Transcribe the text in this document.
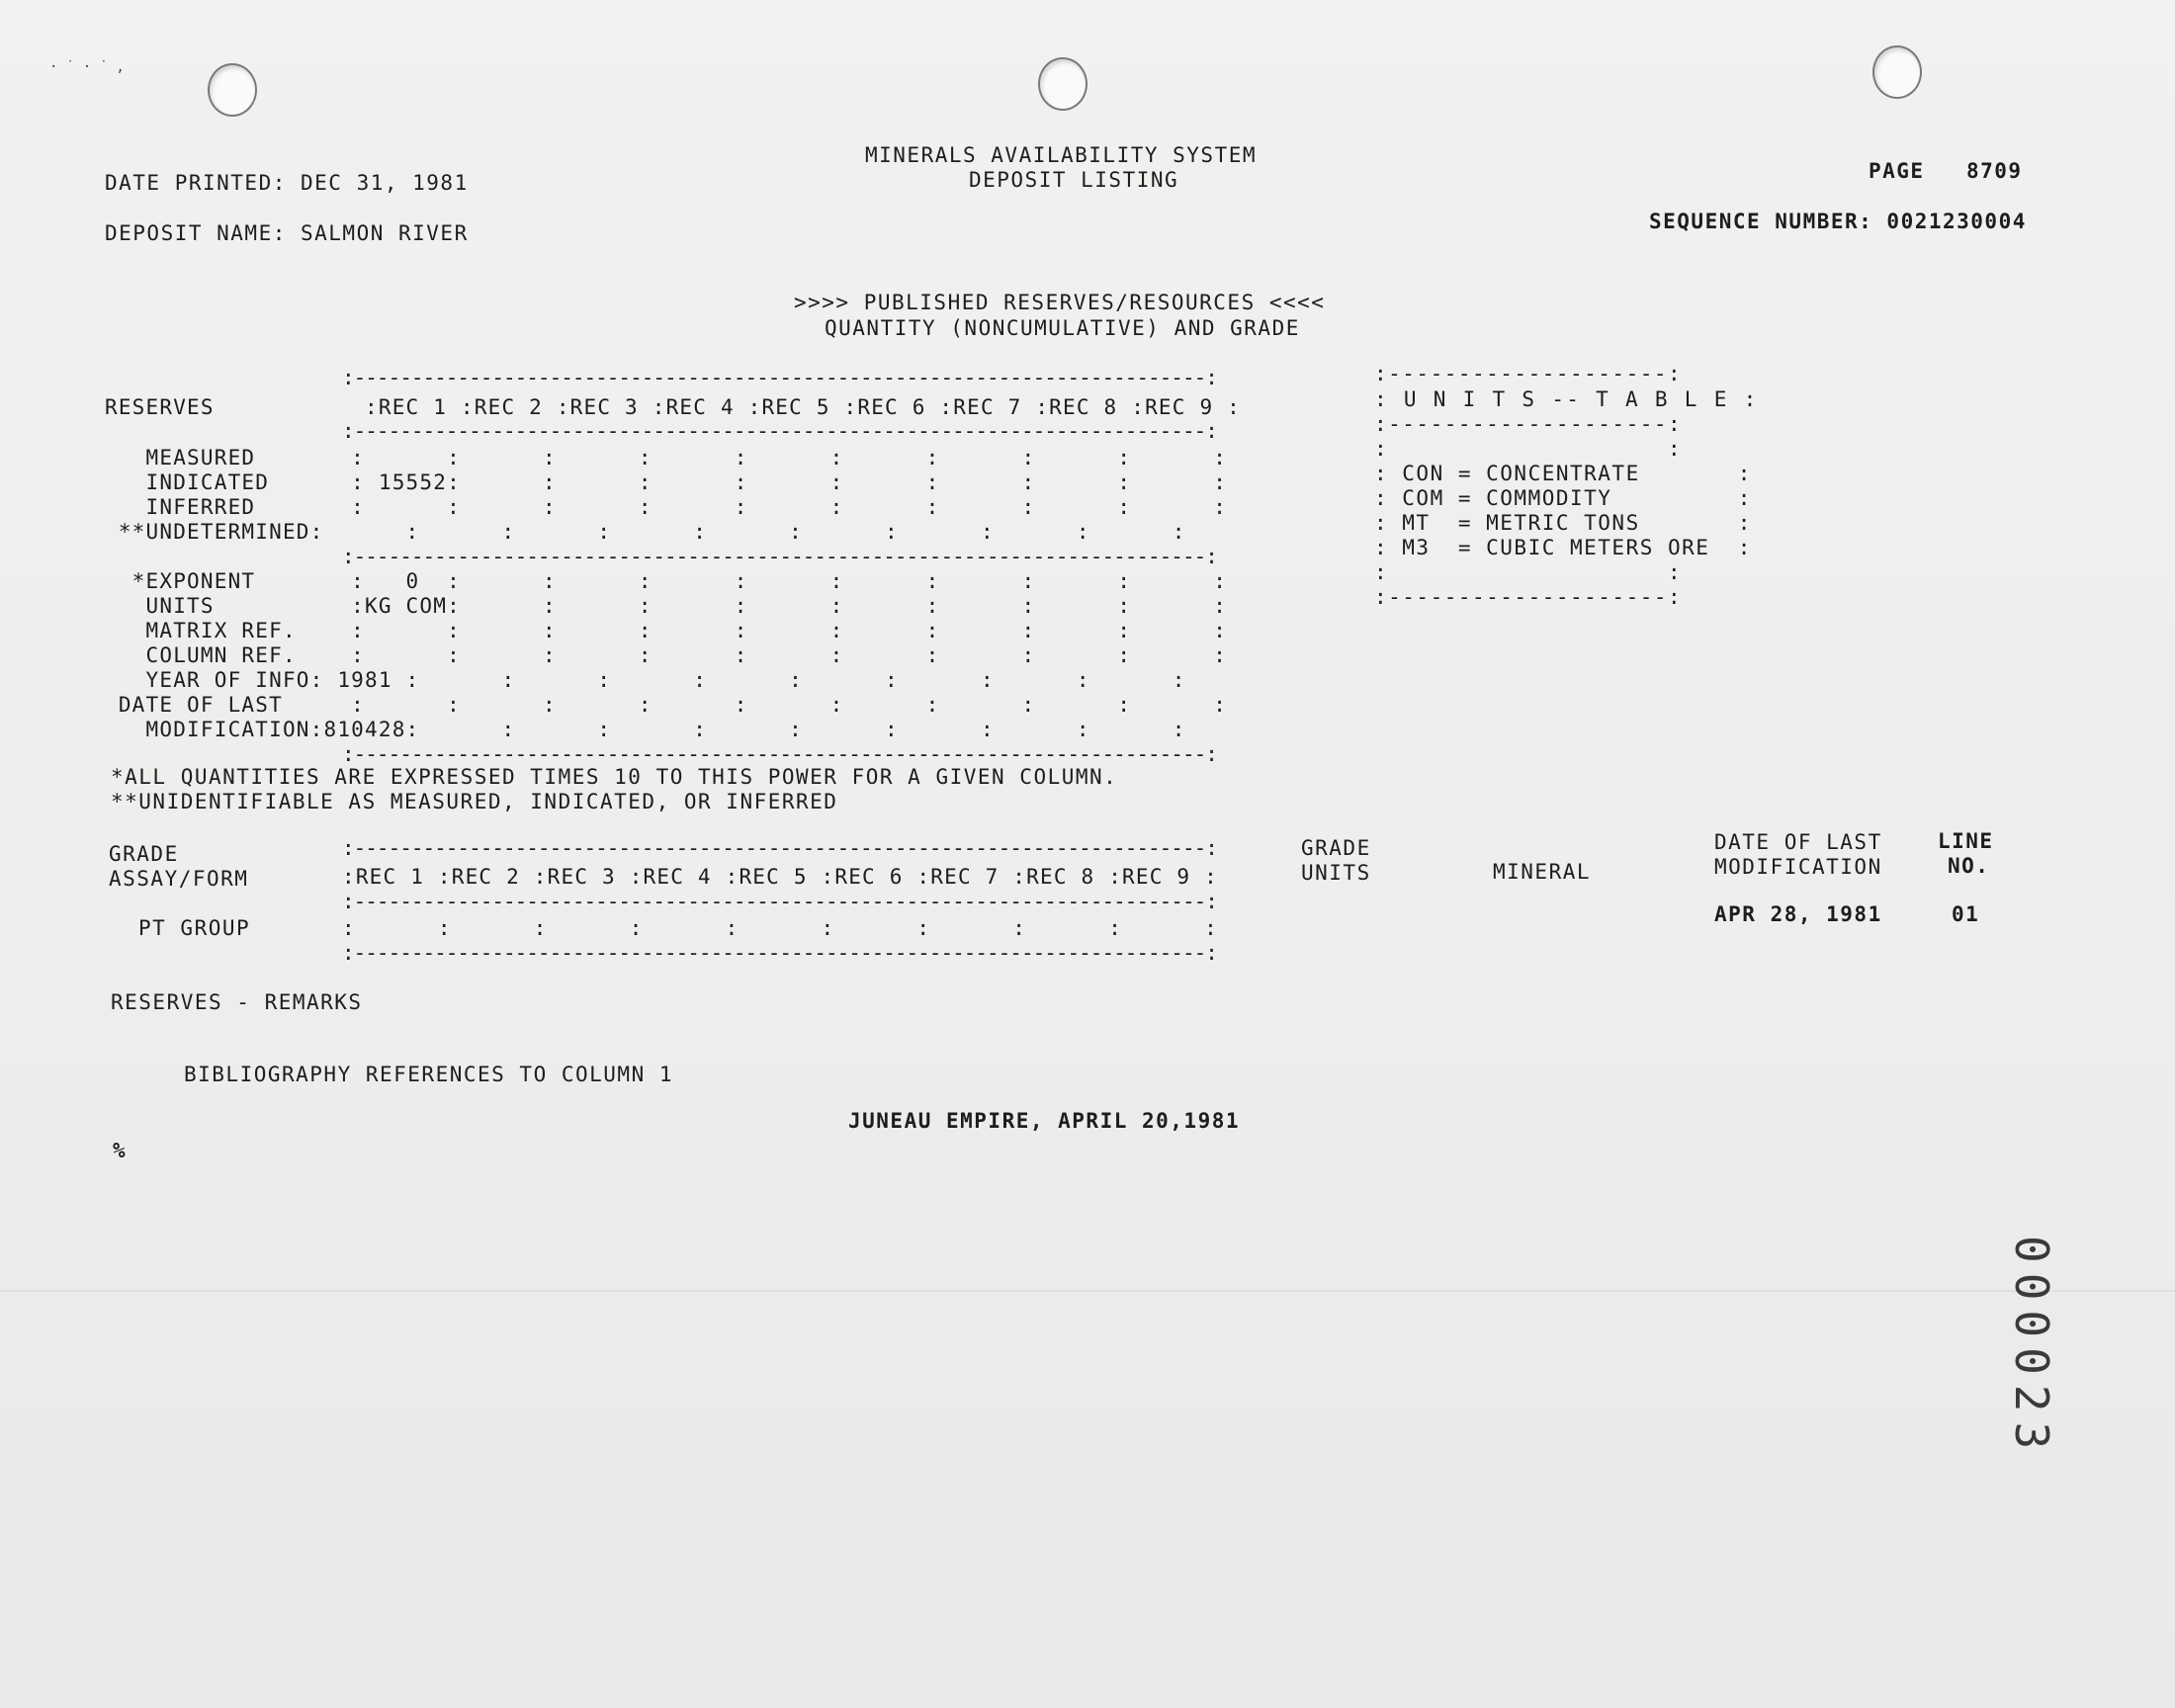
· ˙ · ˙ ,
MINERALS AVAILABILITY SYSTEM
DEPOSIT LISTING
DATE PRINTED: DEC 31, 1981	PAGE   8709
DEPOSIT NAME: SALMON RIVER	SEQUENCE NUMBER: 0021230004
>>>> PUBLISHED RESERVES/RESOURCES <<<<
QUANTITY (NONCUMULATIVE) AND GRADE
:--------------------------------------------------------------------------:
RESERVES           :REC 1 :REC 2 :REC 3 :REC 4 :REC 5 :REC 6 :REC 7 :REC 8 :REC 9 :
:--------------------------------------------------------------------------:
MEASURED       :      :      :      :      :      :      :      :      :      :
INDICATED      : 15552:      :      :      :      :      :      :      :      :
INFERRED       :      :      :      :      :      :      :      :      :      :
**UNDETERMINED:      :      :      :      :      :      :      :      :      :
:--------------------------------------------------------------------------:
*EXPONENT       :   0  :      :      :      :      :      :      :      :      :
UNITS          :KG COM:      :      :      :      :      :      :      :      :
MATRIX REF.    :      :      :      :      :      :      :      :      :      :
COLUMN REF.    :      :      :      :      :      :      :      :      :      :
YEAR OF INFO: 1981 :      :      :      :      :      :      :      :      :
DATE OF LAST     :      :      :      :      :      :      :      :      :      :
MODIFICATION:810428:      :      :      :      :      :      :      :      :
:--------------------------------------------------------------------------:
:--------------------:
: U N I T S -- T A B L E :
:--------------------:
:                    :
: CON = CONCENTRATE       :
: COM = COMMODITY         :
: MT  = METRIC TONS       :
: M3  = CUBIC METERS ORE  :
:                    :
:--------------------:
*ALL QUANTITIES ARE EXPRESSED TIMES 10 TO THIS POWER FOR A GIVEN COLUMN.
**UNIDENTIFIABLE AS MEASURED, INDICATED, OR INFERRED
GRADE
ASSAY/FORM
:--------------------------------------------------------------------------:
:REC 1 :REC 2 :REC 3 :REC 4 :REC 5 :REC 6 :REC 7 :REC 8 :REC 9 :
:--------------------------------------------------------------------------:
PT GROUP	:      :      :      :      :      :      :      :      :      :
:--------------------------------------------------------------------------:
GRADE
UNITS	MINERAL
DATE OF LAST
MODIFICATION
LINE
NO.
APR 28, 1981	01
RESERVES - REMARKS
BIBLIOGRAPHY REFERENCES TO COLUMN 1
JUNEAU EMPIRE, APRIL 20,1981
%
000023
